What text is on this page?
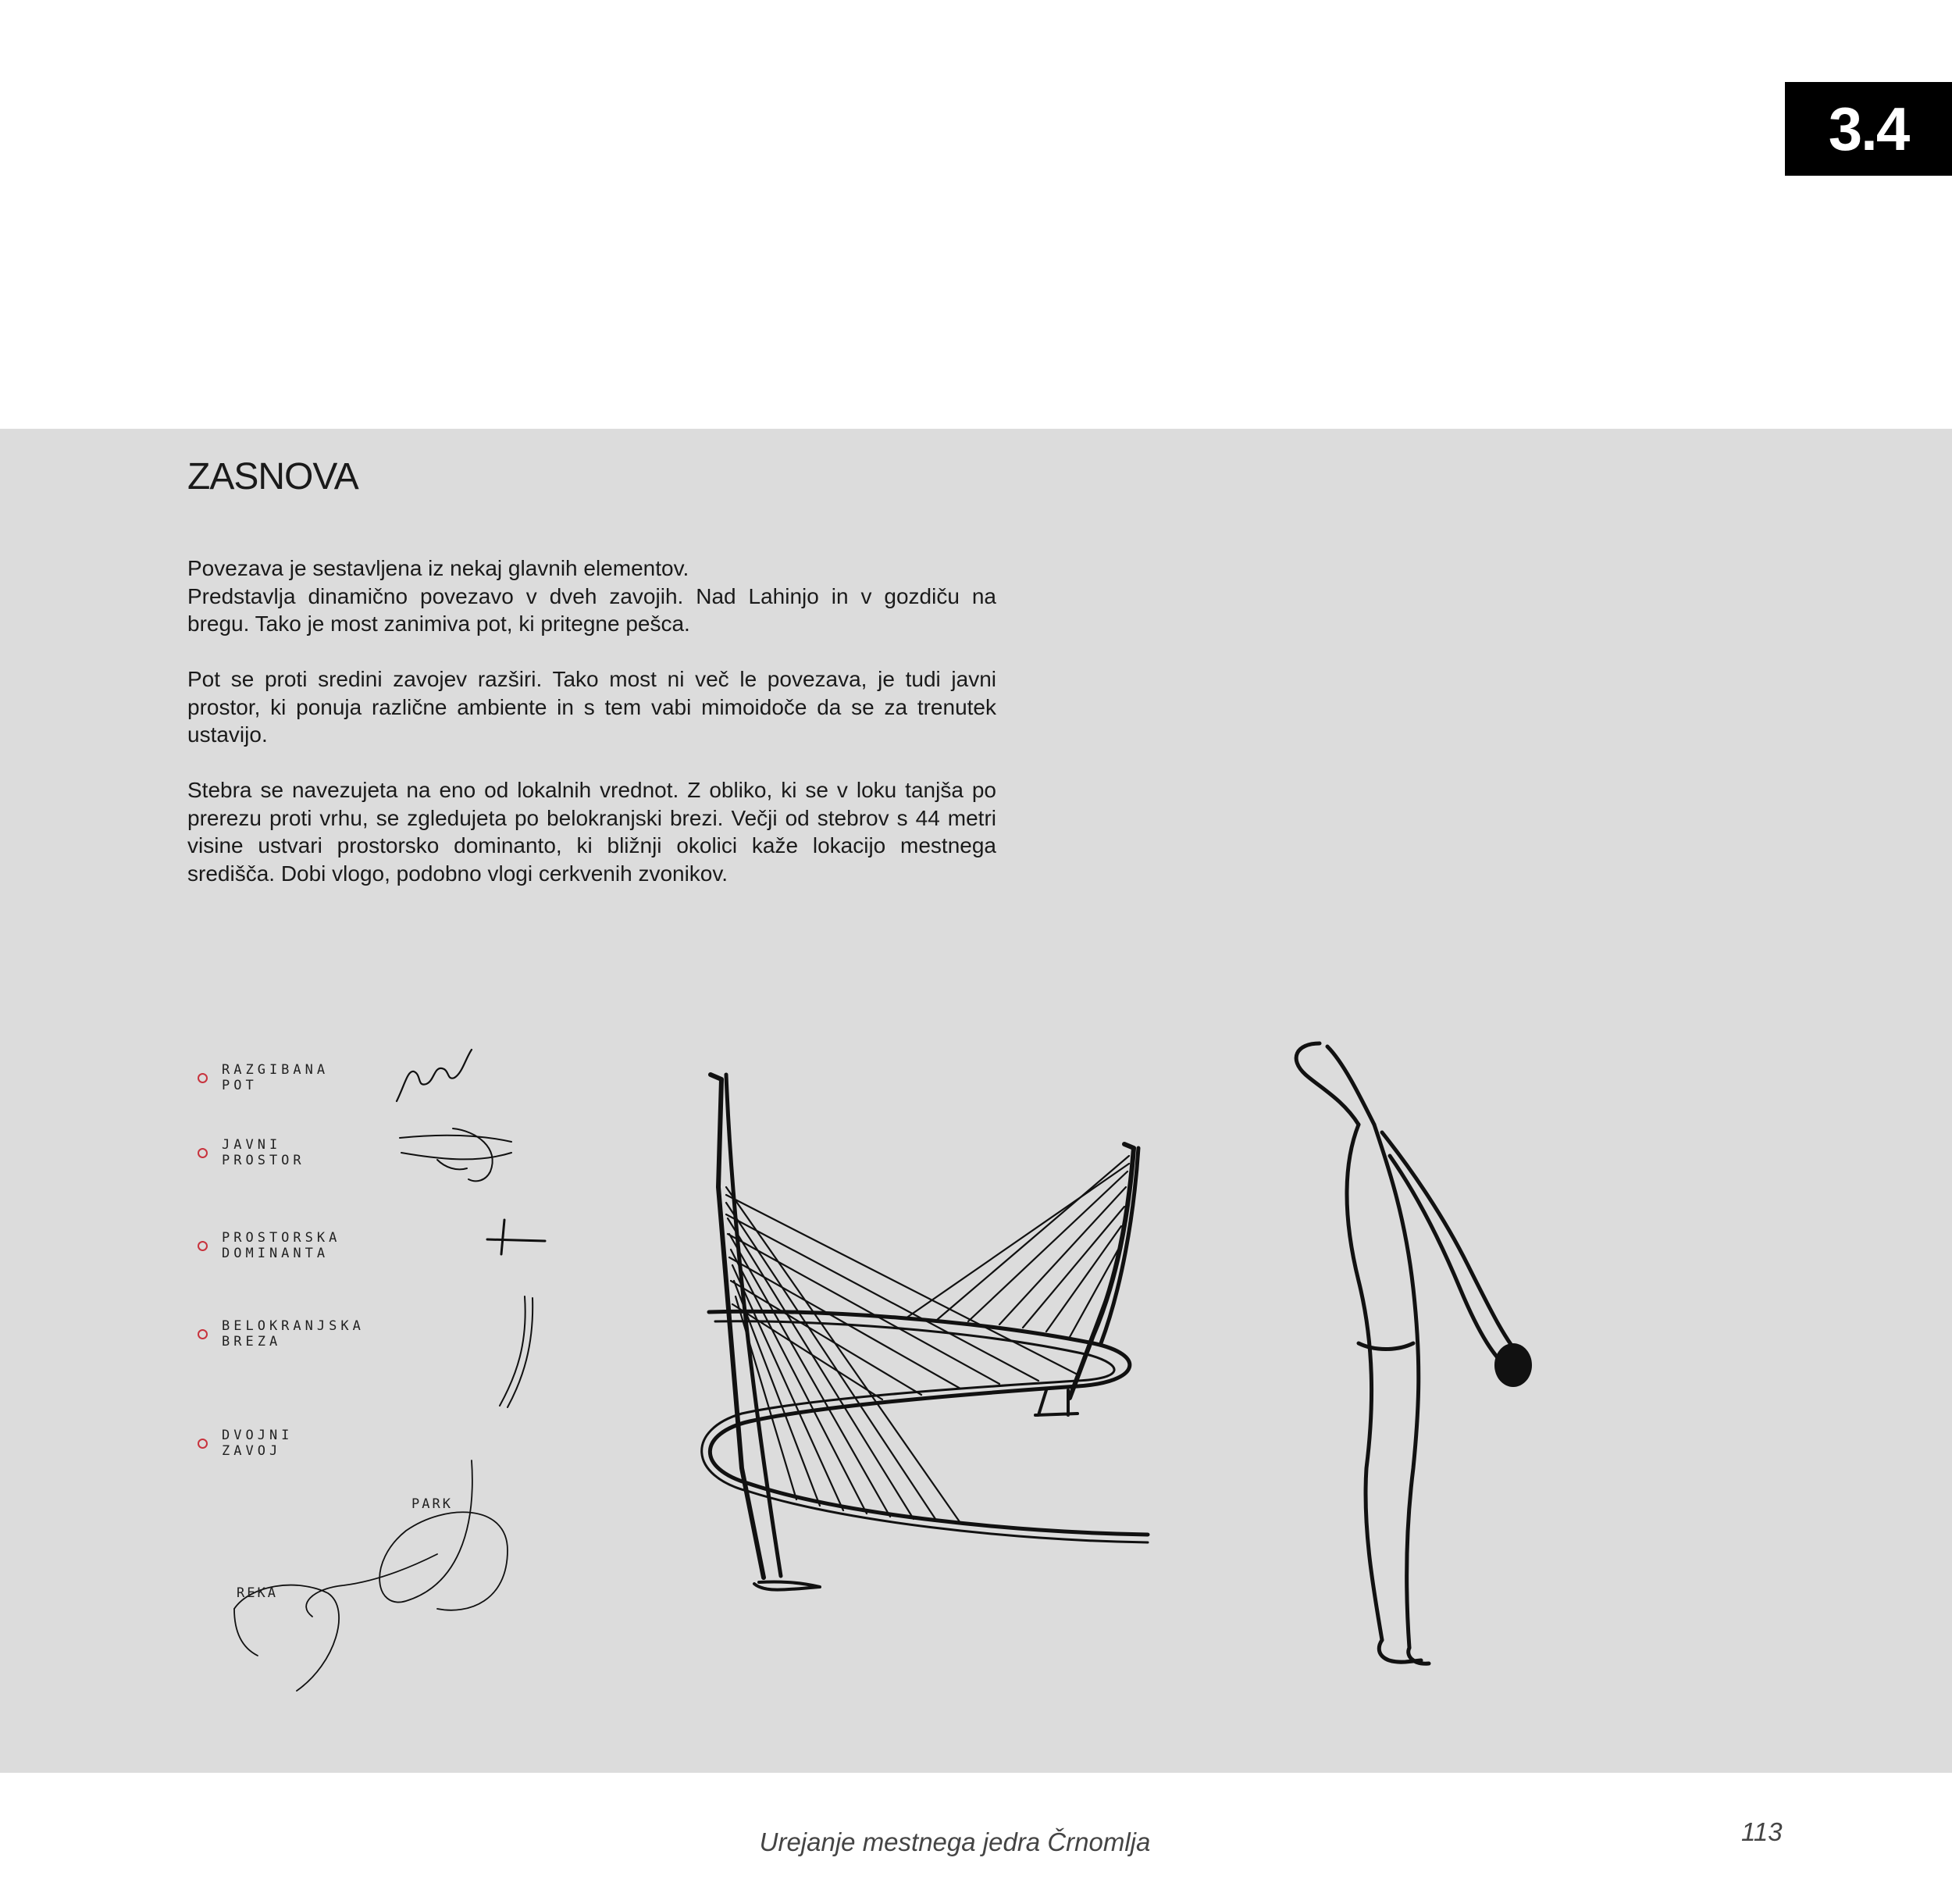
3.4
ZASNOVA

Povezava je sestavljena iz nekaj glavnih elementov.
Predstavlja dinamično povezavo v dveh zavojih. Nad Lahinjo in v gozdiču na
bregu. Tako je most zanimiva pot, ki pritegne pešca.

Pot se proti sredini zavojev razširi. Tako most ni več le povezava, je tudi javni
prostor, ki ponuja različne ambiente in s tem vabi mimoidoče da se za trenutek
ustavijo.

Stebra se navezujeta na eno od lokalnih vrednot. Z obliko, ki se v loku tanjša po
prerezu proti vrhu, se zgledujeta po belokranjski brezi. Večji od stebrov s 44 metri
visine ustvari prostorsko dominanto, ki bližnji okolici kaže lokacijo mestnega
središča. Dobi vlogo, podobno vlogi cerkvenih zvonikov.

RAZGIBANA POT
JAVNI PROSTOR
PROSTORSKA DOMINANTA
BELOKRANJSKA BREZA
DVOJNI ZAVOJ
PARK
REKA
Urejanje mestnega jedra Črnomlja	113
